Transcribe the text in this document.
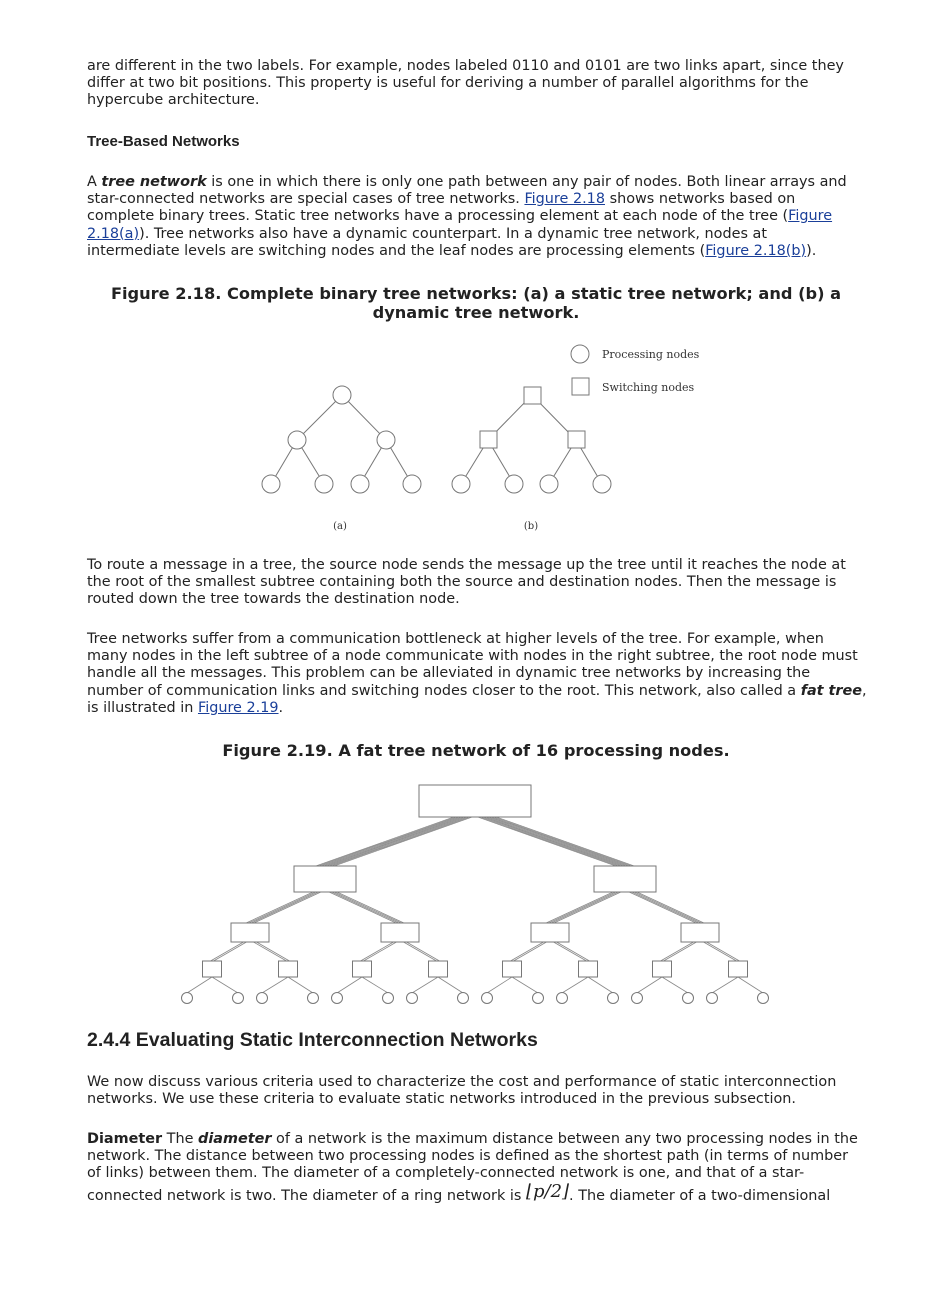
are different in the two labels. For example, nodes labeled 0110 and 0101 are two links apart, since they differ at two bit positions. This property is useful for deriving a number of parallel algorithms for the hypercube architecture.

Tree-Based Networks

A tree network is one in which there is only one path between any pair of nodes. Both linear arrays and star-connected networks are special cases of tree networks. Figure 2.18 shows networks based on complete binary trees. Static tree networks have a processing element at each node of the tree (Figure 2.18(a)). Tree networks also have a dynamic counterpart. In a dynamic tree network, nodes at intermediate levels are switching nodes and the leaf nodes are processing elements (Figure 2.18(b)).

Figure 2.18. Complete binary tree networks: (a) a static tree network; and (b) a dynamic tree network.

Processing nodes
Switching nodes
(a)	(b)

To route a message in a tree, the source node sends the message up the tree until it reaches the node at the root of the smallest subtree containing both the source and destination nodes. Then the message is routed down the tree towards the destination node.

Tree networks suffer from a communication bottleneck at higher levels of the tree. For example, when many nodes in the left subtree of a node communicate with nodes in the right subtree, the root node must handle all the messages. This problem can be alleviated in dynamic tree networks by increasing the number of communication links and switching nodes closer to the root. This network, also called a fat tree, is illustrated in Figure 2.19.

Figure 2.19. A fat tree network of 16 processing nodes.

2.4.4 Evaluating Static Interconnection Networks

We now discuss various criteria used to characterize the cost and performance of static interconnection networks. We use these criteria to evaluate static networks introduced in the previous subsection.

Diameter The diameter of a network is the maximum distance between any two processing nodes in the network. The distance between two processing nodes is defined as the shortest path (in terms of number of links) between them. The diameter of a completely-connected network is one, and that of a star-connected network is two. The diameter of a ring network is ⌊p/2⌋. The diameter of a two-dimensional
